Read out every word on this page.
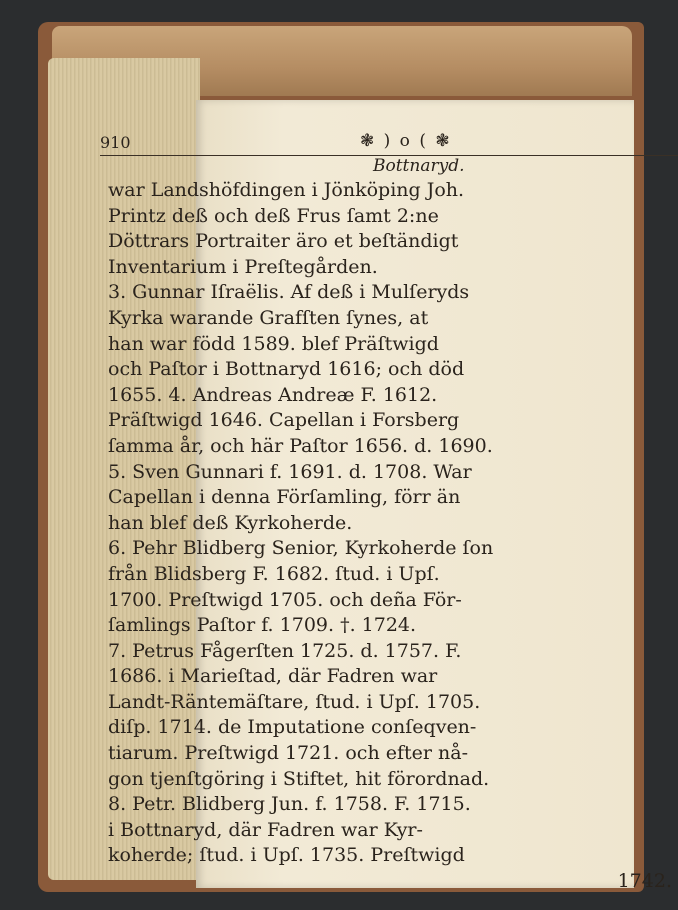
910	❃ ) o ( ❃
Bottnaryd.
war Landshöfdingen i Jönköping Joh.
Printz deß och deß Frus ſamt 2:ne
Döttrars Portraiter äro et beſtändigt
Inventarium i Preſtegården.
3. Gunnar Iſraëlis. Af deß i Mulſeryds
Kyrka warande Grafſten ſynes, at
han war född 1589. blef Präſtwigd
och Paſtor i Bottnaryd 1616; och död
1655. 4. Andreas Andreæ F. 1612.
Präſtwigd 1646. Capellan i Forsberg
ſamma år, och här Paſtor 1656. d. 1690.
5. Sven Gunnari f. 1691. d. 1708. War
Capellan i denna Förſamling, förr än
han blef deß Kyrkoherde.
6. Pehr Blidberg Senior, Kyrkoherde ſon
från Blidsberg F. 1682. ſtud. i Upſ.
1700. Preſtwigd 1705. och deña För-
ſamlings Paſtor f. 1709. †. 1724.
7. Petrus Fågerſten 1725. d. 1757. F.
1686. i Marieſtad, där Fadren war
Landt-Räntemäſtare, ſtud. i Upſ. 1705.
diſp. 1714. de Imputatione conſeqven-
tiarum. Preſtwigd 1721. och efter nå-
gon tjenſtgöring i Stiftet, hit förordnad.
8. Petr. Blidberg Jun. f. 1758. F. 1715.
i Bottnaryd, där Fadren war Kyr-
koherde; ſtud. i Upſ. 1735. Preſtwigd
1742.
